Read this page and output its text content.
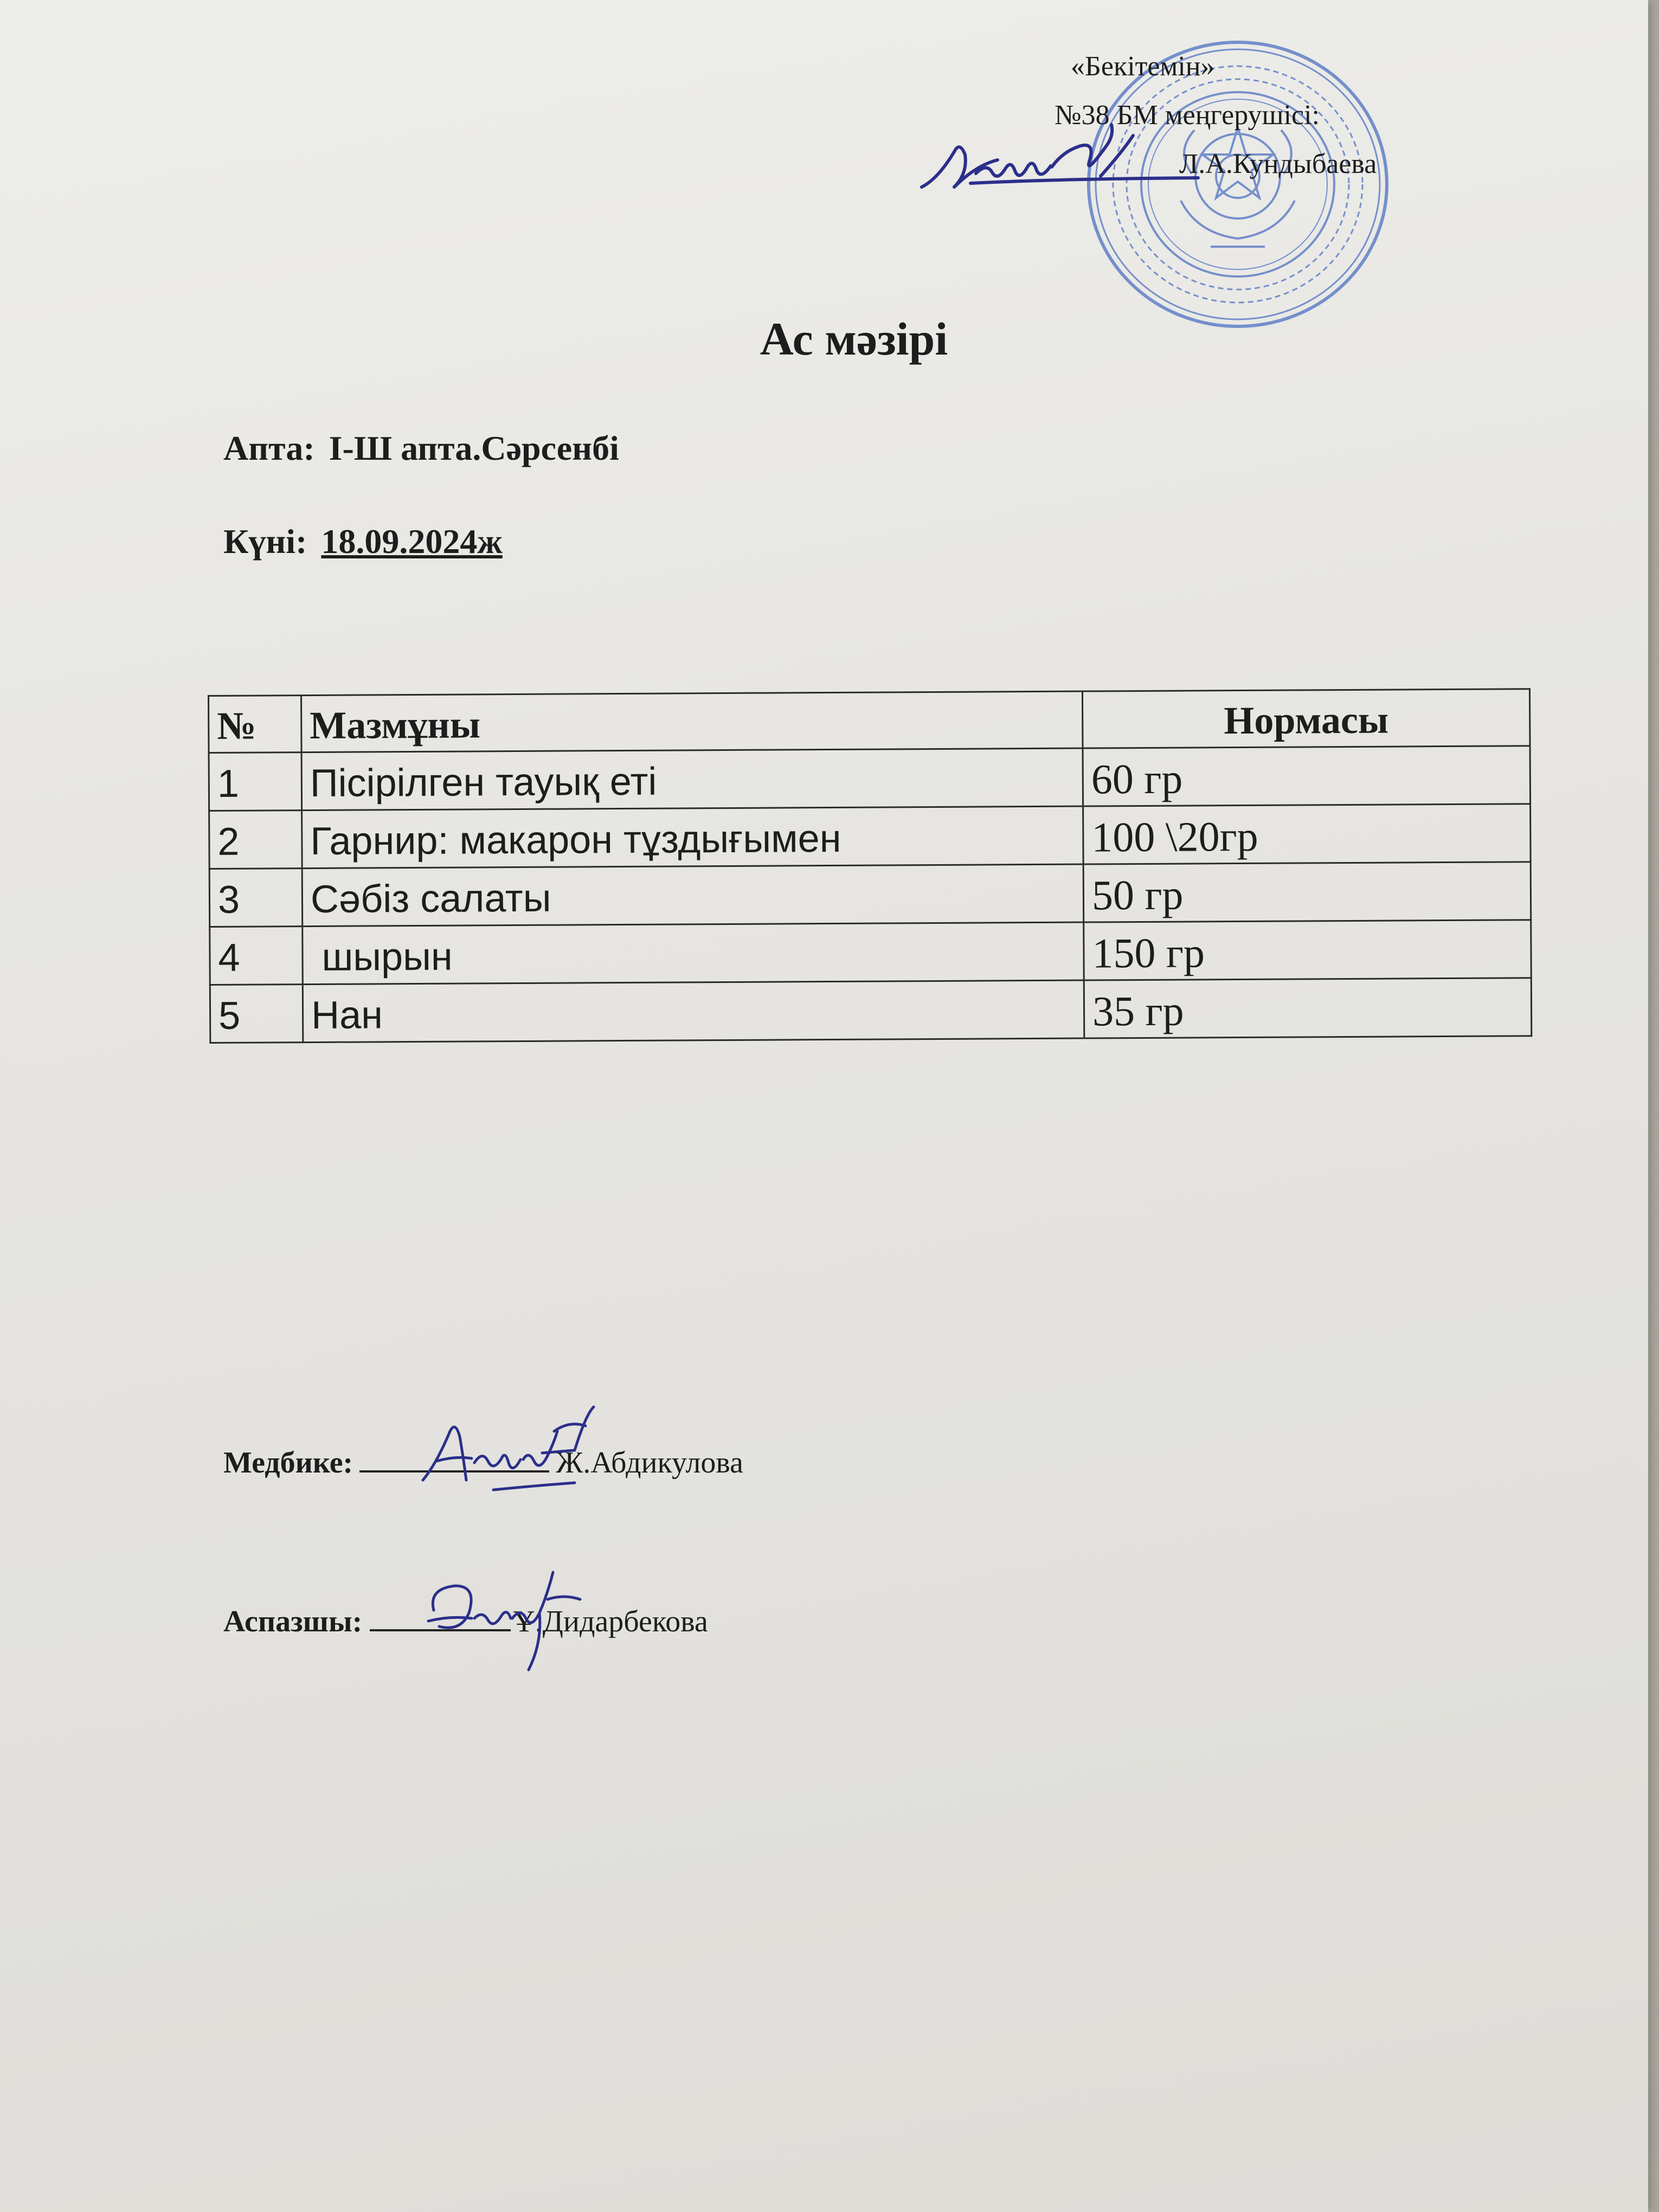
«Бекітемін»
№38 БМ меңгерушісі:
Л.А.Кундыбаева
Ас мәзірі
Апта: І-Ш апта.Сәрсенбі
Күні: 18.09.2024ж
№	Мазмұны	Нормасы
1	Пісірілген тауық еті	60 гр
2	Гарнир: макарон тұздығымен	100 \20гр
3	Сәбіз салаты	50 гр
4	шырын	150 гр
5	Нан	35 гр
Медбике:	Ж.Абдикулова
Аспазшы:	Ұ.Дидарбекова
